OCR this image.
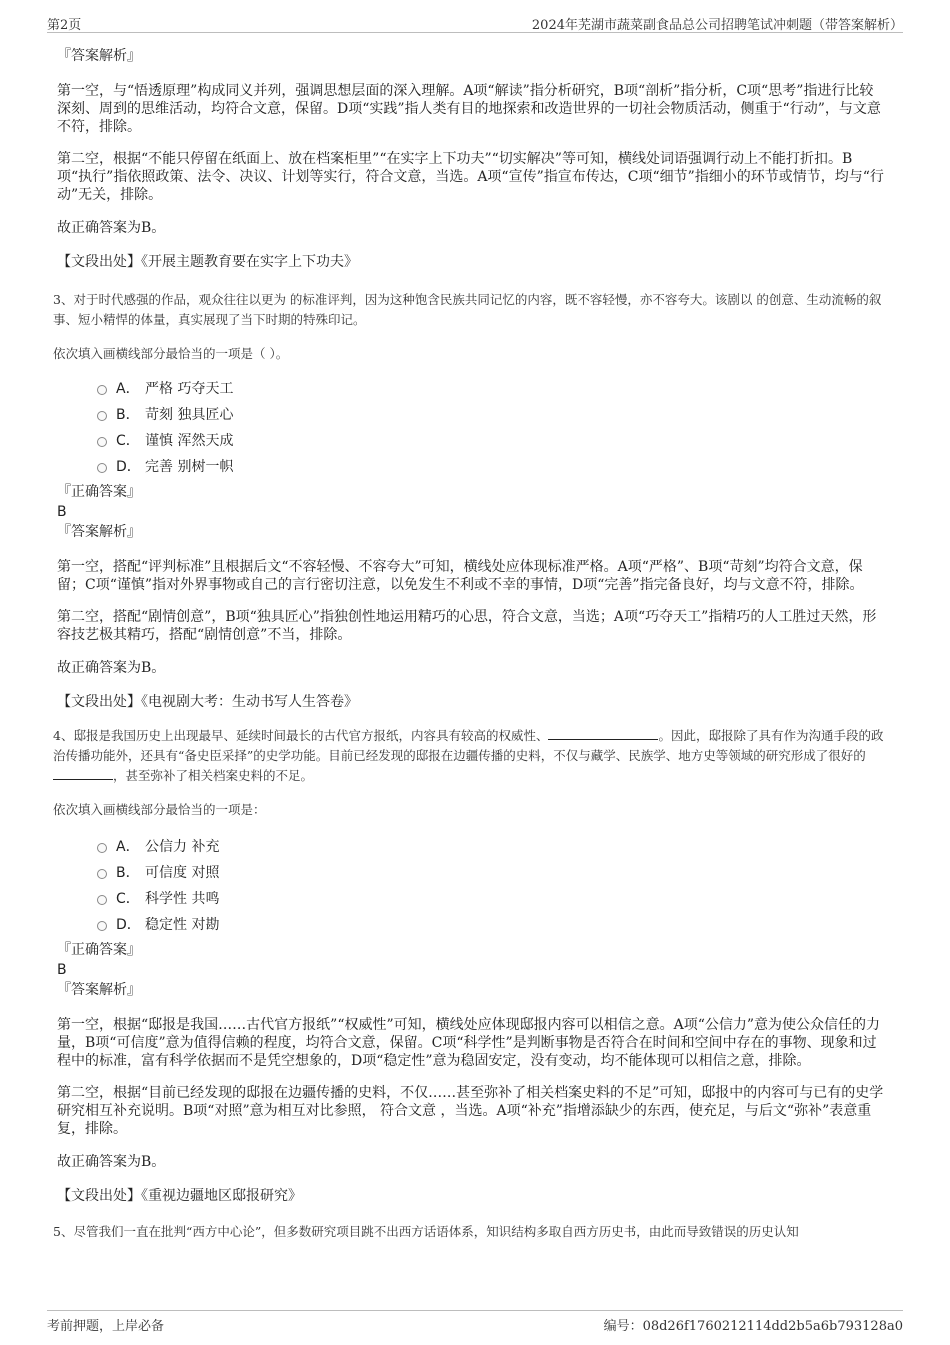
第2页	2024年芜湖市蔬菜副食品总公司招聘笔试冲刺题（带答案解析）

『答案解析』

第一空，与“悟透原理”构成同义并列，强调思想层面的深入理解。A项“解读”指分析研究，B项“剖析”指分析，C项“思考”指进行比较深刻、周到的思维活动，均符合文意，保留。D项“实践”指人类有目的地探索和改造世界的一切社会物质活动，侧重于“行动”，与文意不符，排除。

第二空，根据“不能只停留在纸面上、放在档案柜里”“在实字上下功夫”“切实解决”等可知，横线处词语强调行动上不能打折扣。B项“执行”指依照政策、法令、决议、计划等实行，符合文意，当选。A项“宣传”指宣布传达，C项“细节”指细小的环节或情节，均与“行动”无关，排除。

故正确答案为B。

【文段出处】《开展主题教育要在实字上下功夫》

3、对于时代感强的作品，观众往往以更为 的标准评判，因为这种饱含民族共同记忆的内容，既不容轻慢，亦不容夸大。该剧以 的创意、生动流畅的叙事、短小精悍的体量，真实展现了当下时期的特殊印记。

依次填入画横线部分最恰当的一项是（ ）。

A． 严格 巧夺天工
B． 苛刻 独具匠心
C． 谨慎 浑然天成
D． 完善 别树一帜

『正确答案』

B

『答案解析』

第一空，搭配“评判标准”且根据后文“不容轻慢、不容夸大”可知，横线处应体现标准严格。A项“严格”、B项“苛刻”均符合文意，保留；C项“谨慎”指对外界事物或自己的言行密切注意，以免发生不利或不幸的事情，D项“完善”指完备良好，均与文意不符，排除。

第二空，搭配“剧情创意”，B项“独具匠心”指独创性地运用精巧的心思，符合文意，当选；A项“巧夺天工”指精巧的人工胜过天然，形容技艺极其精巧，搭配“剧情创意”不当，排除。

故正确答案为B。

【文段出处】《电视剧大考：生动书写人生答卷》

4、邸报是我国历史上出现最早、延续时间最长的古代官方报纸，内容具有较高的权威性、	。因此，邸报除了具有作为沟通手段的政治传播功能外，还具有“备史臣采择”的史学功能。目前已经发现的邸报在边疆传播的史料，不仅与藏学、民族学、地方史等领域的研究形成了很好的，甚至弥补了相关档案史料的不足。

依次填入画横线部分最恰当的一项是：

A． 公信力 补充
B． 可信度 对照
C． 科学性 共鸣
D． 稳定性 对勘

『正确答案』

B

『答案解析』

第一空，根据“邸报是我国……古代官方报纸”“权威性”可知，横线处应体现邸报内容可以相信之意。A项“公信力”意为使公众信任的力量，B项“可信度”意为值得信赖的程度，均符合文意，保留。C项“科学性”是判断事物是否符合在时间和空间中存在的事物、现象和过程中的标准，富有科学依据而不是凭空想象的，D项“稳定性”意为稳固安定，没有变动，均不能体现可以相信之意，排除。

第二空，根据“目前已经发现的邸报在边疆传播的史料，不仅……甚至弥补了相关档案史料的不足”可知，邸报中的内容可与已有的史学研究相互补充说明。B项“对照”意为相互对比参照， 符合文意 ，当选。A项“补充”指增添缺少的东西，使充足，与后文“弥补”表意重复，排除。

故正确答案为B。

【文段出处】《重视边疆地区邸报研究》

5、尽管我们一直在批判“西方中心论”，但多数研究项目跳不出西方话语体系，知识结构多取自西方历史书，由此而导致错误的历史认知

考前押题，上岸必备	编号：08d26f1760212114dd2b5a6b793128a0
